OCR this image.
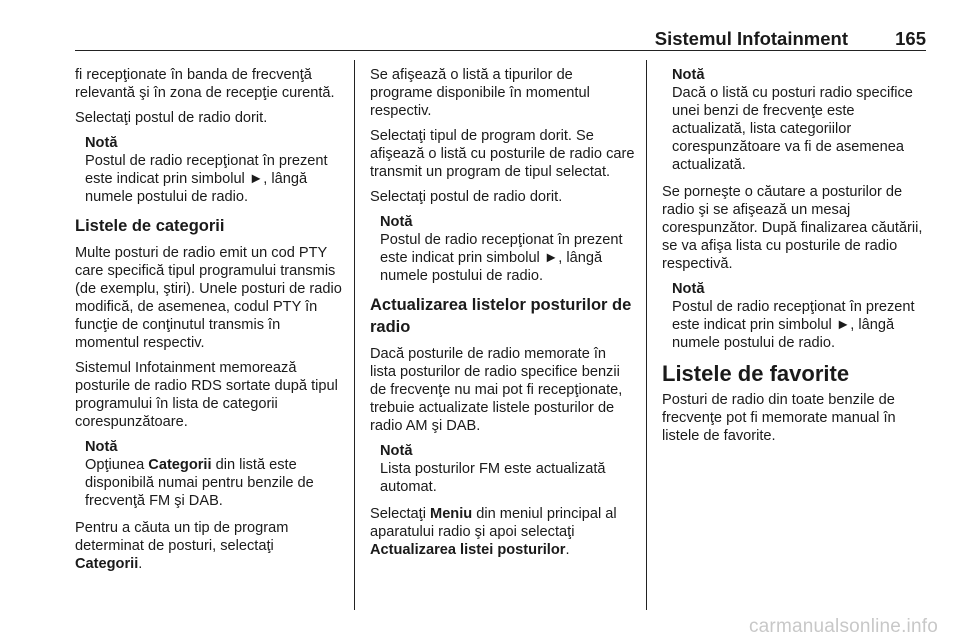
Sistemul Infotainment	165

fi recepţionate în banda de frecvenţă relevantă şi în zona de recepţie curentă.

Selectaţi postul de radio dorit.

Notă
Postul de radio recepţionat în prezent este indicat prin simbolul ►, lângă numele postului de radio.
Listele de categorii

Multe posturi de radio emit un cod PTY care specifică tipul programului transmis (de exemplu, ştiri). Unele posturi de radio modifică, de asemenea, codul PTY în funcţie de conţinutul transmis în momentul respectiv.

Sistemul Infotainment memorează posturile de radio RDS sortate după tipul programului în lista de categorii corespunzătoare.

Notă
Opţiunea Categorii din listă este disponibilă numai pentru benzile de frecvenţă FM şi DAB.

Pentru a căuta un tip de program determinat de posturi, selectaţi Categorii.

Se afişează o listă a tipurilor de programe disponibile în momentul respectiv.

Selectaţi tipul de program dorit. Se afişează o listă cu posturile de radio care transmit un program de tipul selectat.

Selectaţi postul de radio dorit.

Notă
Postul de radio recepţionat în prezent este indicat prin simbolul ►, lângă numele postului de radio.
Actualizarea listelor posturilor de radio

Dacă posturile de radio memorate în lista posturilor de radio specifice benzii de frecvenţe nu mai pot fi recepţionate, trebuie actualizate listele posturilor de radio AM şi DAB.

Notă
Lista posturilor FM este actualizată automat.

Selectaţi Meniu din meniul principal al aparatului radio şi apoi selectaţi Actualizarea listei posturilor.

Notă
Dacă o listă cu posturi radio specifice unei benzi de frecvenţe este actualizată, lista categoriilor corespunzătoare va fi de asemenea actualizată.

Se porneşte o căutare a posturilor de radio şi se afişează un mesaj corespunzător. După finalizarea căutării, se va afişa lista cu posturile de radio respectivă.

Notă
Postul de radio recepţionat în prezent este indicat prin simbolul ►, lângă numele postului de radio.
Listele de favorite

Posturi de radio din toate benzile de frecvenţe pot fi memorate manual în listele de favorite.

carmanualsonline.info
